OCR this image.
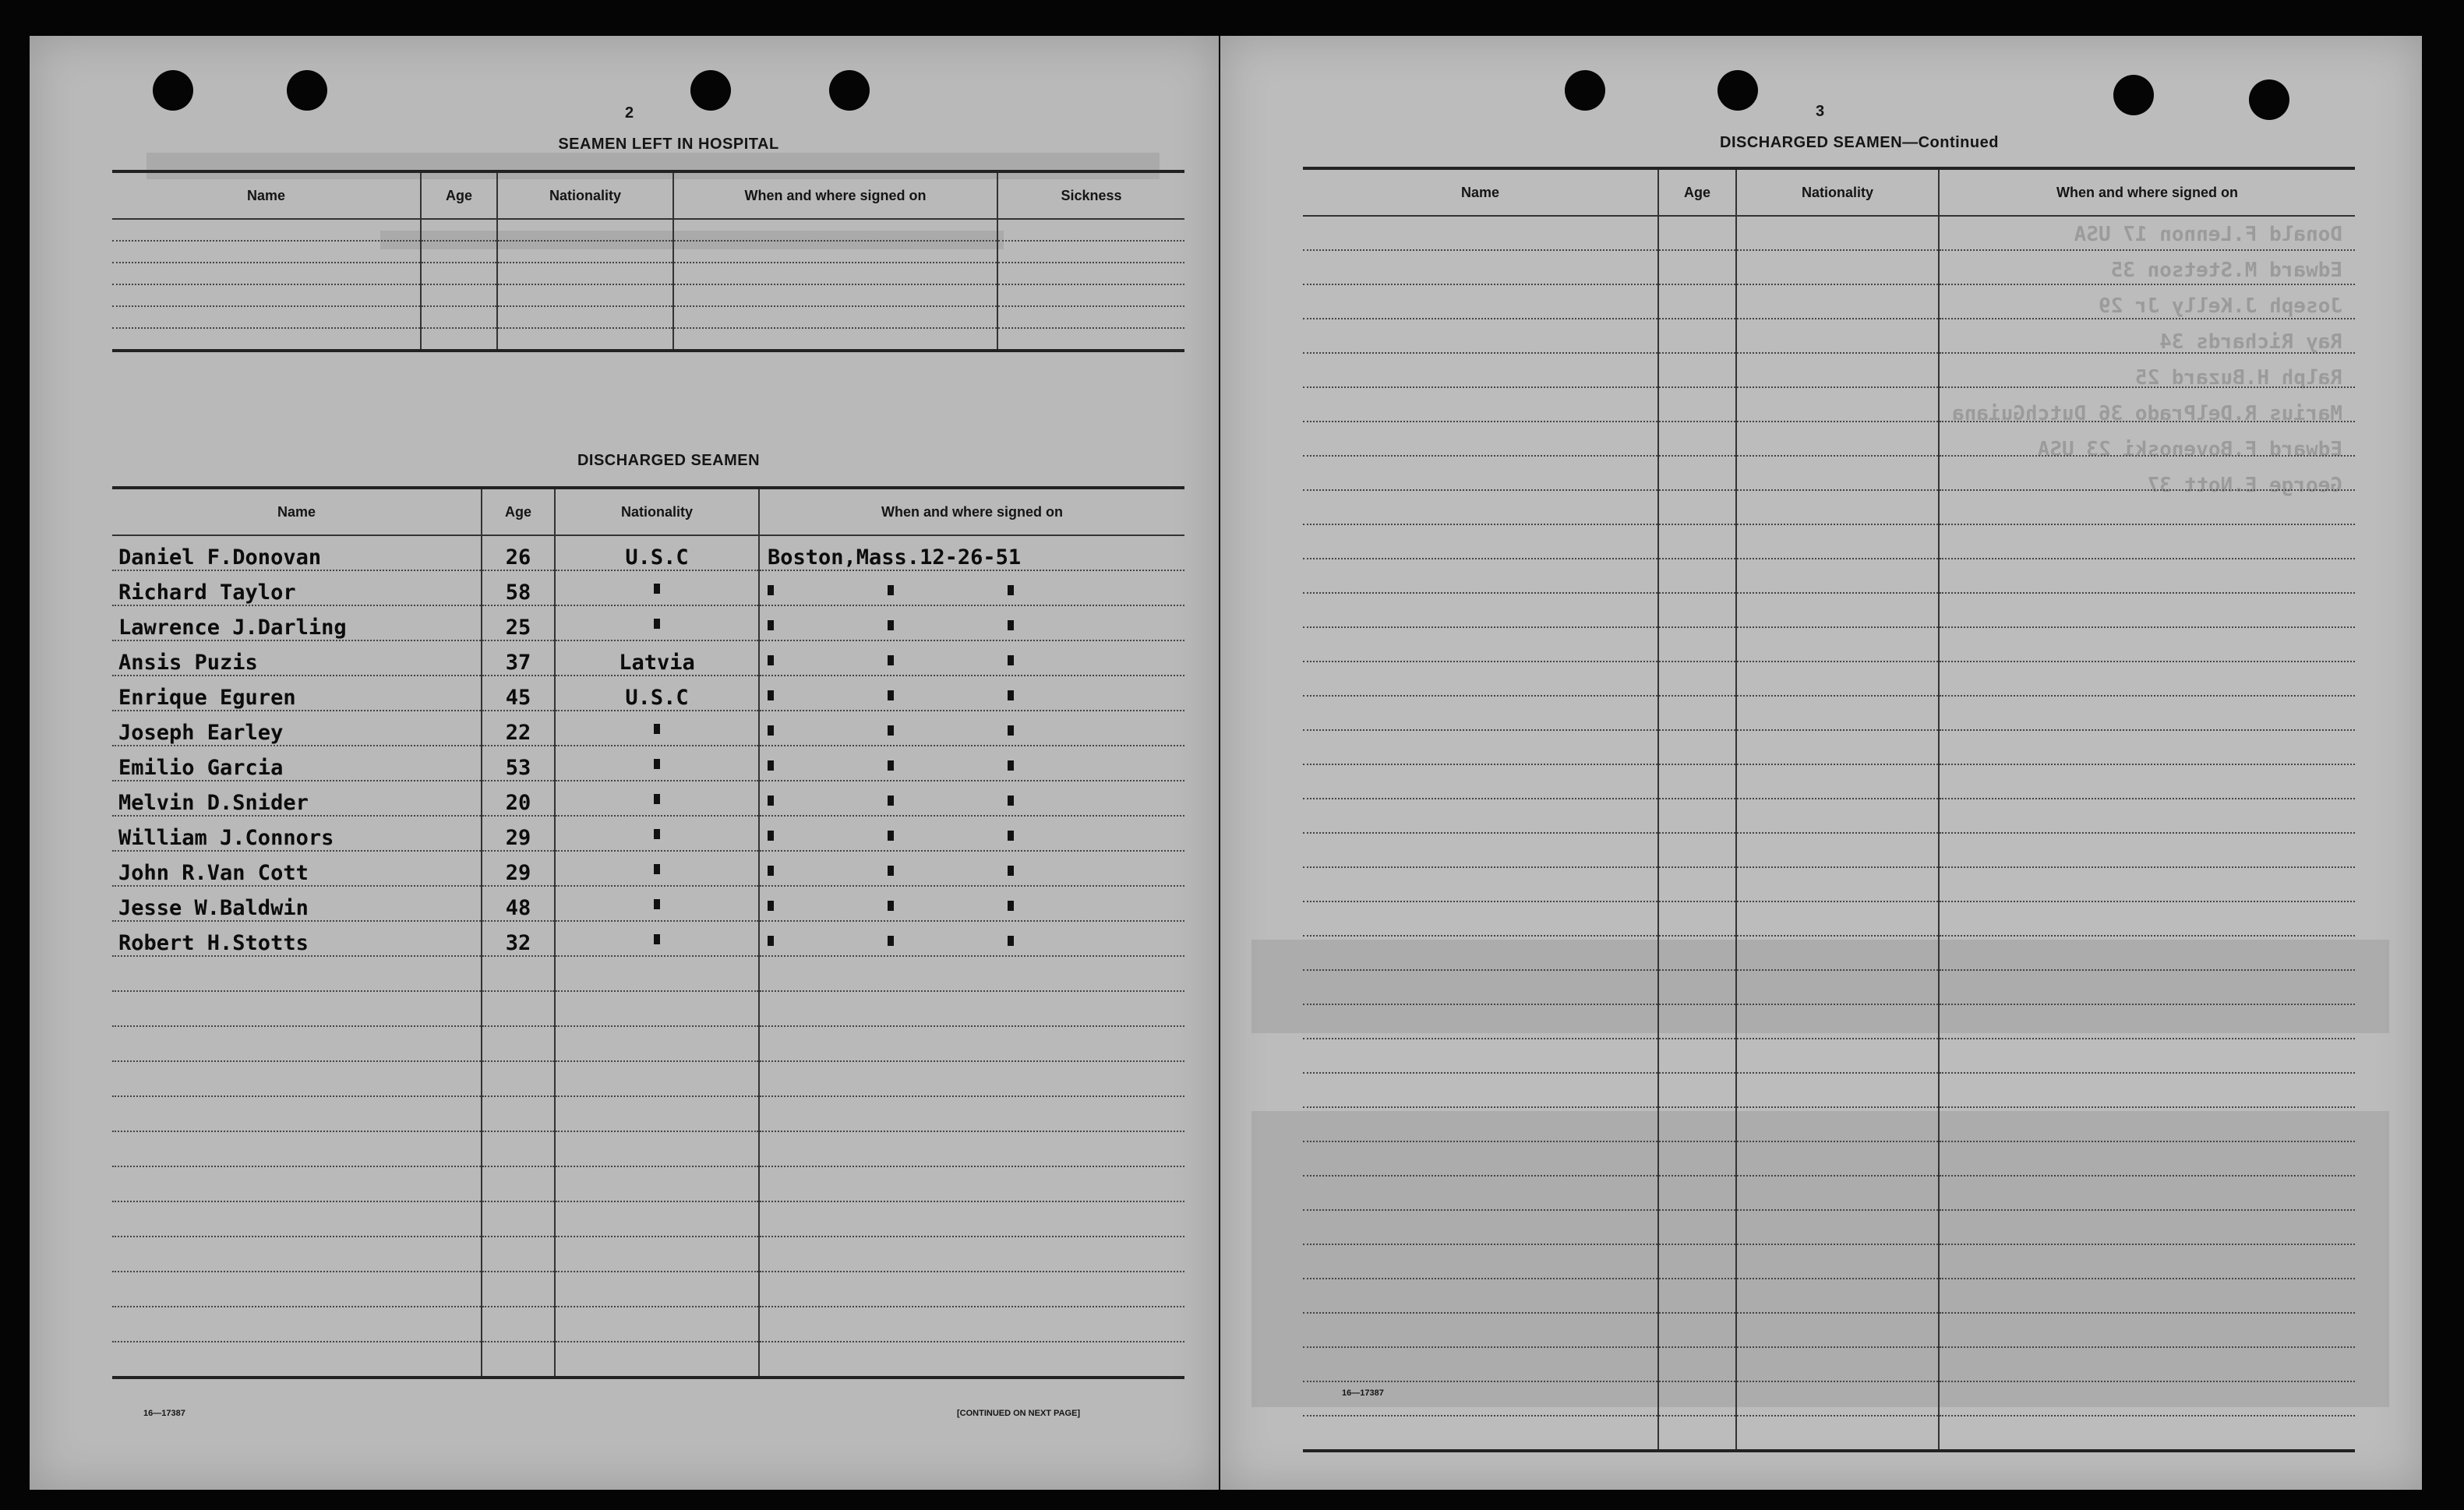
2
SEAMEN LEFT IN HOSPITAL
Name	Age	Nationality	When and where signed on	Sickness

DISCHARGED SEAMEN
Name	Age	Nationality	When and where signed on
Daniel F.Donovan	26	U.S.C	Boston,Mass.12-26-51
Richard Taylor	58		

Lawrence J.Darling	25		

Ansis Puzis	37	Latvia	

Enrique Eguren	45	U.S.C	

Joseph Earley	22		

Emilio Garcia	53		

Melvin D.Snider	20		

William J.Connors	29		

John R.Van Cott	29		

Jesse W.Baldwin	48		

Robert H.Stotts	32		

16—17387	[CONTINUED ON NEXT PAGE]
Donald F.Lennon 17 USA
Edward M.Stetson 35
Joseph J.Kelly Jr 29
Ray Richards 34
Ralph H.Buzard 25
Marius R.DelPrado 36 DutchGuiana
Edward F.Bovenoski 23 USA
George E.Nott 37
3
DISCHARGED SEAMEN—Continued
Name	Age	Nationality	When and where signed on

16—17387
